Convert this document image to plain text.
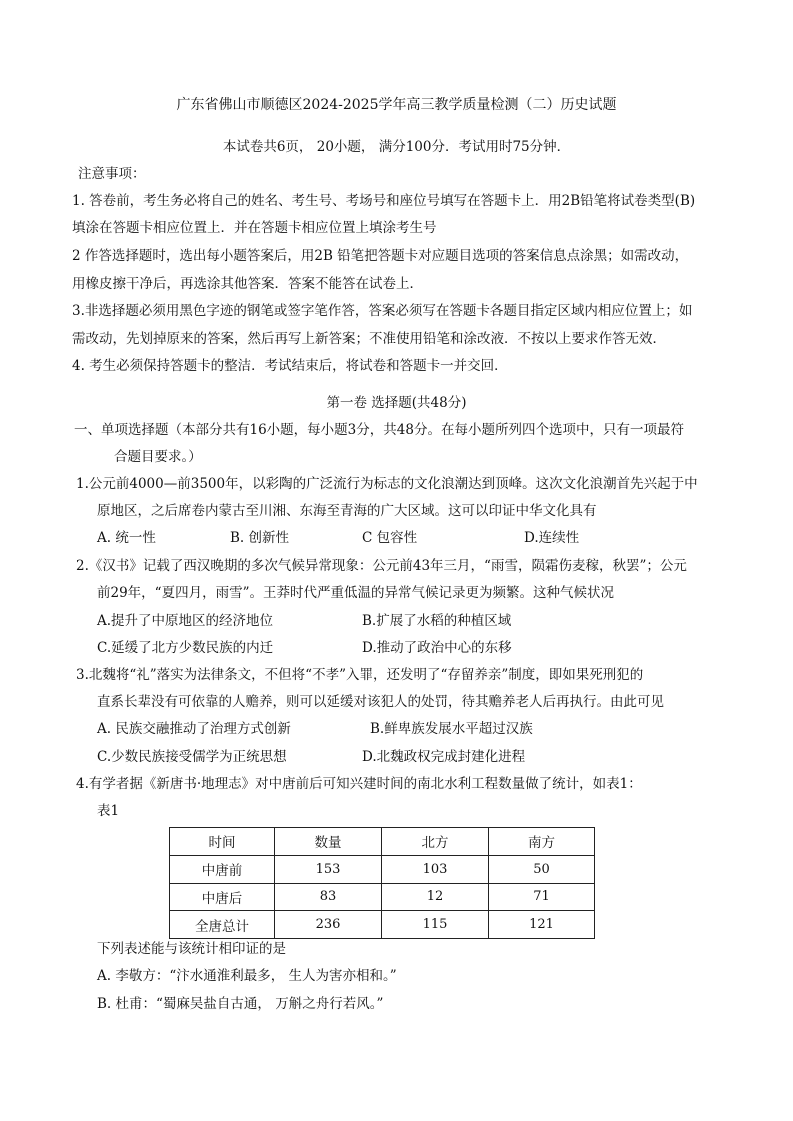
广东省佛山市顺德区2024-2025学年高三教学质量检测（二）历史试题
本试卷共6页， 20小题， 满分100分．考试用时75分钟．
注意事项：
1. 答卷前，考生务必将自己的姓名、考生号、考场号和座位号填写在答题卡上．用2B铅笔将试卷类型(B)
填涂在答题卡相应位置上．并在答题卡相应位置上填涂考生号
2 作答选择题时，选出每小题答案后，用2B 铅笔把答题卡对应题目选项的答案信息点涂黑；如需改动，
用橡皮擦干净后，再选涂其他答案．答案不能答在试卷上．
3.非选择题必须用黑色字迹的钢笔或签字笔作答，答案必须写在答题卡各题目指定区域内相应位置上；如
需改动，先划掉原来的答案，然后再写上新答案；不准使用铅笔和涂改液．不按以上要求作答无效．
4. 考生必须保持答题卡的整洁．考试结束后，将试卷和答题卡一并交回．
第一卷 选择题(共48分)
一、单项选择题（本部分共有16小题，每小题3分，共48分。在每小题所列四个选项中，只有一项最符
合题目要求。）
1.公元前4000—前3500年，以彩陶的广泛流行为标志的文化浪潮达到顶峰。这次文化浪潮首先兴起于中
原地区，之后席卷内蒙古至川湘、东海至青海的广大区域。这可以印证中华文化具有
A. 统一性	B. 创新性	C 包容性	D.连续性
2.《汉书》记载了西汉晚期的多次气候异常现象：公元前43年三月，“雨雪，陨霜伤麦稼，秋罢”；公元
前29年，“夏四月，雨雪”。王莽时代严重低温的异常气候记录更为频繁。这种气候状况
A.提升了中原地区的经济地位	B.扩展了水稻的种植区域
C.延缓了北方少数民族的内迁	D.推动了政治中心的东移
3.北魏将“礼”落实为法律条文，不但将“不孝”入罪，还发明了“存留养亲”制度，即如果死刑犯的
直系长辈没有可依靠的人赡养，则可以延缓对该犯人的处罚，待其赡养老人后再执行。由此可见
A. 民族交融推动了治理方式创新	B.鲜卑族发展水平超过汉族
C.少数民族接受儒学为正统思想	D.北魏政权完成封建化进程
4.有学者据《新唐书·地理志》对中唐前后可知兴建时间的南北水利工程数量做了统计，如表1：
表1
时间	数量	北方	南方
中唐前	153	103	50
中唐后	83	12	71
全唐总计	236	115	121
下列表述能与该统计相印证的是
A. 李敬方：“汴水通淮利最多， 生人为害亦相和。”
B. 杜甫：“蜀麻吴盐自古通， 万斛之舟行若风。”
